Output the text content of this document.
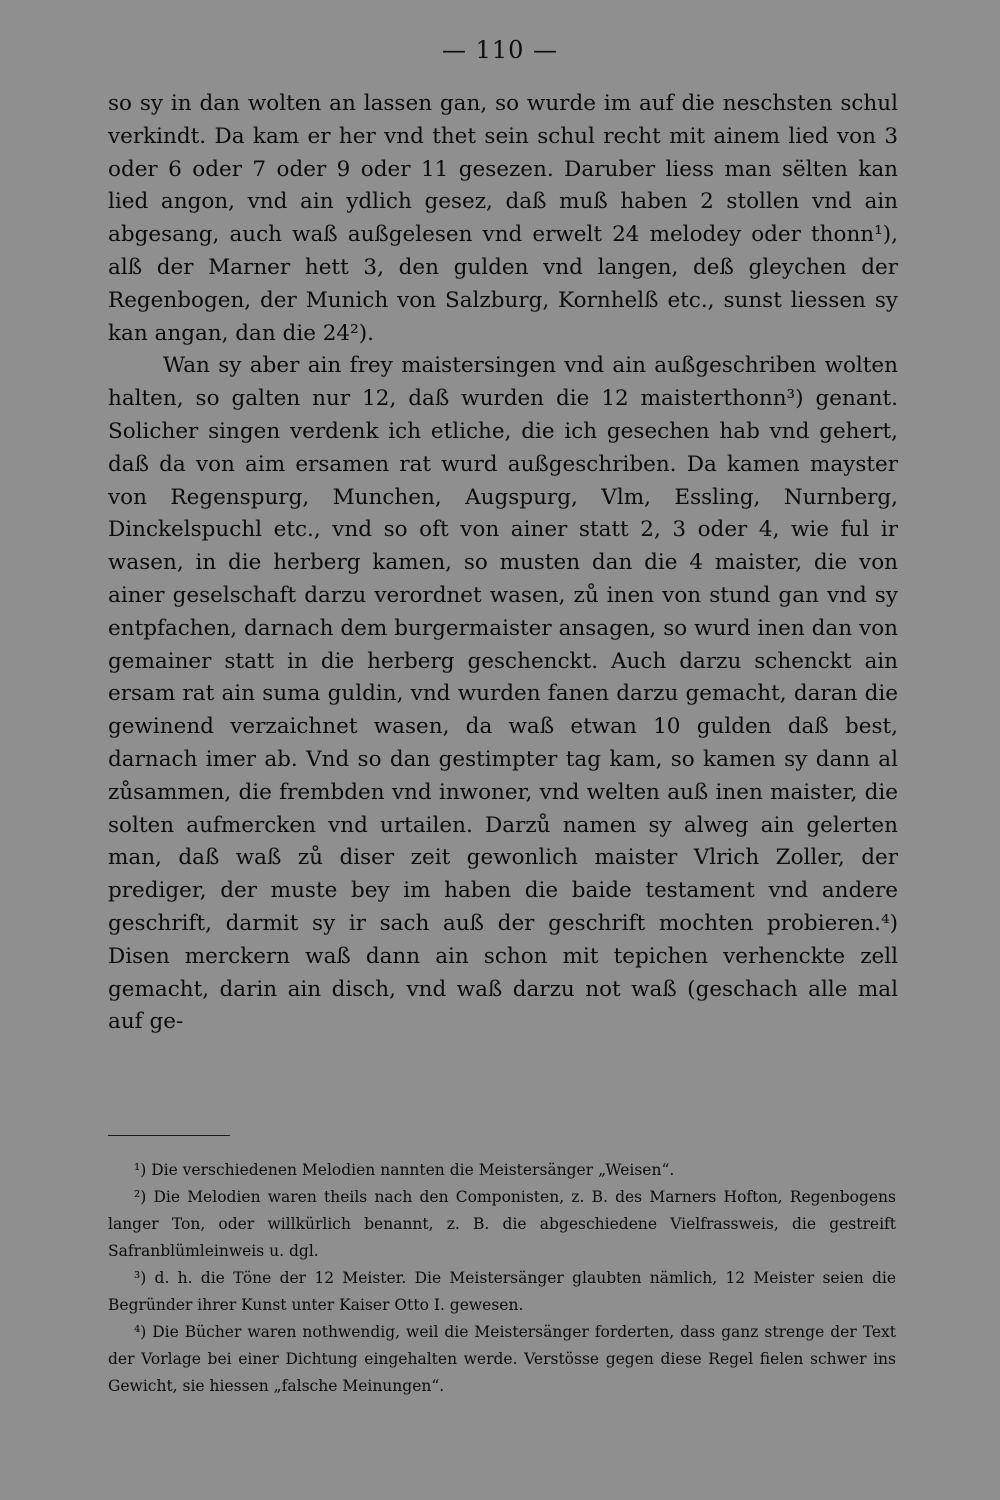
— 110 —

so sy in dan wolten an lassen gan, so wurde im auf die neschsten schul verkindt. Da kam er her vnd thet sein schul recht mit ainem lied von 3 oder 6 oder 7 oder 9 oder 11 gesezen. Daruber liess man sëlten kan lied angon, vnd ain ydlich gesez, daß muß haben 2 stollen vnd ain abgesang, auch waß außgelesen vnd erwelt 24 melodey oder thonn¹), alß der Marner hett 3, den gulden vnd langen, deß gleychen der Regenbogen, der Munich von Salzburg, Kornhelß etc., sunst liessen sy kan angan, dan die 24²).

Wan sy aber ain frey maistersingen vnd ain außgeschriben wolten halten, so galten nur 12, daß wurden die 12 maisterthonn³) genant. Solicher singen verdenk ich etliche, die ich gesechen hab vnd gehert, daß da von aim ersamen rat wurd außgeschriben. Da kamen mayster von Regenspurg, Munchen, Augspurg, Vlm, Essling, Nurnberg, Dinckelspuchl etc., vnd so oft von ainer statt 2, 3 oder 4, wie ful ir wasen, in die herberg kamen, so musten dan die 4 maister, die von ainer geselschaft darzu verordnet wasen, zů inen von stund gan vnd sy entpfachen, darnach dem burgermaister ansagen, so wurd inen dan von gemainer statt in die herberg geschenckt. Auch darzu schenckt ain ersam rat ain suma guldin, vnd wurden fanen darzu gemacht, daran die gewinend verzaichnet wasen, da waß etwan 10 gulden daß best, darnach imer ab. Vnd so dan gestimpter tag kam, so kamen sy dann al zůsammen, die frembden vnd inwoner, vnd welten auß inen maister, die solten aufmercken vnd urtailen. Darzů namen sy alweg ain gelerten man, daß waß zů diser zeit gewonlich maister Vlrich Zoller, der prediger, der muste bey im haben die baide testament vnd andere geschrift, darmit sy ir sach auß der geschrift mochten probieren.⁴) Disen merckern waß dann ain schon mit tepichen verhenckte zell gemacht, darin ain disch, vnd waß darzu not waß (geschach alle mal auf ge-

¹) Die verschiedenen Melodien nannten die Meistersänger „Weisen“.

²) Die Melodien waren theils nach den Componisten, z. B. des Marners Hofton, Regenbogens langer Ton, oder willkürlich benannt, z. B. die abgeschiedene Vielfrassweis, die gestreift Safranblümleinweis u. dgl.

³) d. h. die Töne der 12 Meister. Die Meistersänger glaubten nämlich, 12 Meister seien die Begründer ihrer Kunst unter Kaiser Otto I. gewesen.

⁴) Die Bücher waren nothwendig, weil die Meistersänger forderten, dass ganz strenge der Text der Vorlage bei einer Dichtung eingehalten werde. Verstösse gegen diese Regel fielen schwer ins Gewicht, sie hiessen „falsche Meinungen“.
